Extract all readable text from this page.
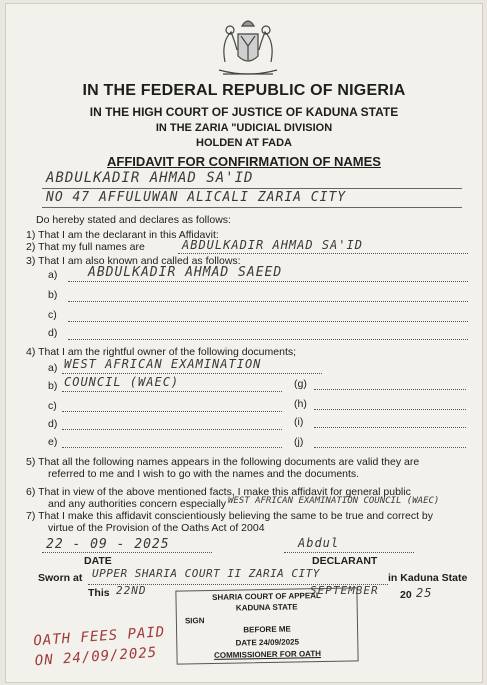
IN THE FEDERAL REPUBLIC OF NIGERIA
IN THE HIGH COURT OF JUSTICE OF KADUNA STATE
IN THE ZARIA "UDICIAL DIVISION
HOLDEN AT FADA
AFFIDAVIT FOR CONFIRMATION OF NAMES
ABDULKADIR AHMAD SA'ID
NO 47 AFFULUWAN ALICALI ZARIA CITY
Do hereby stated and declares as follows:
1) That I am the declarant in this Affidavit:
2) That my full names are	ABDULKADIR AHMAD SA'ID
3) That I am also known and called as follows:
a) ABDULKADIR AHMAD SAEED
b)
c)
d)
4) That I am the rightful owner of the following documents;
a) WEST AFRICAN EXAMINATION
b) COUNCIL (WAEC)	(g)
c)	(h)
d)	(i)
e)	(j)
5) That all the following names appears in the following documents are valid they are
referred to me and I wish to go with the names and the documents.
6) That in view of the above mentioned facts, I make this affidavit for general public
and any authorities concern especially WEST AFRICAN EXAMINATION COUNCIL (WAEC)
7) That I make this affidavit conscientiously believing the same to be true and correct by
virtue of the Provision of the Oaths Act of 2004
22 - 09 - 2025
DATE
Abdul
DECLARANT
Sworn at UPPER SHARIA COURT II ZARIA CITY	in Kaduna State
This 22ND	SEPTEMBER 20 25
SHARIA COURT OF APPEAL
KADUNA STATE
SIGN
BEFORE ME
DATE 24/09/2025
COMMISSIONER FOR OATH
OATH FEES PAID ON 24/09/2025
